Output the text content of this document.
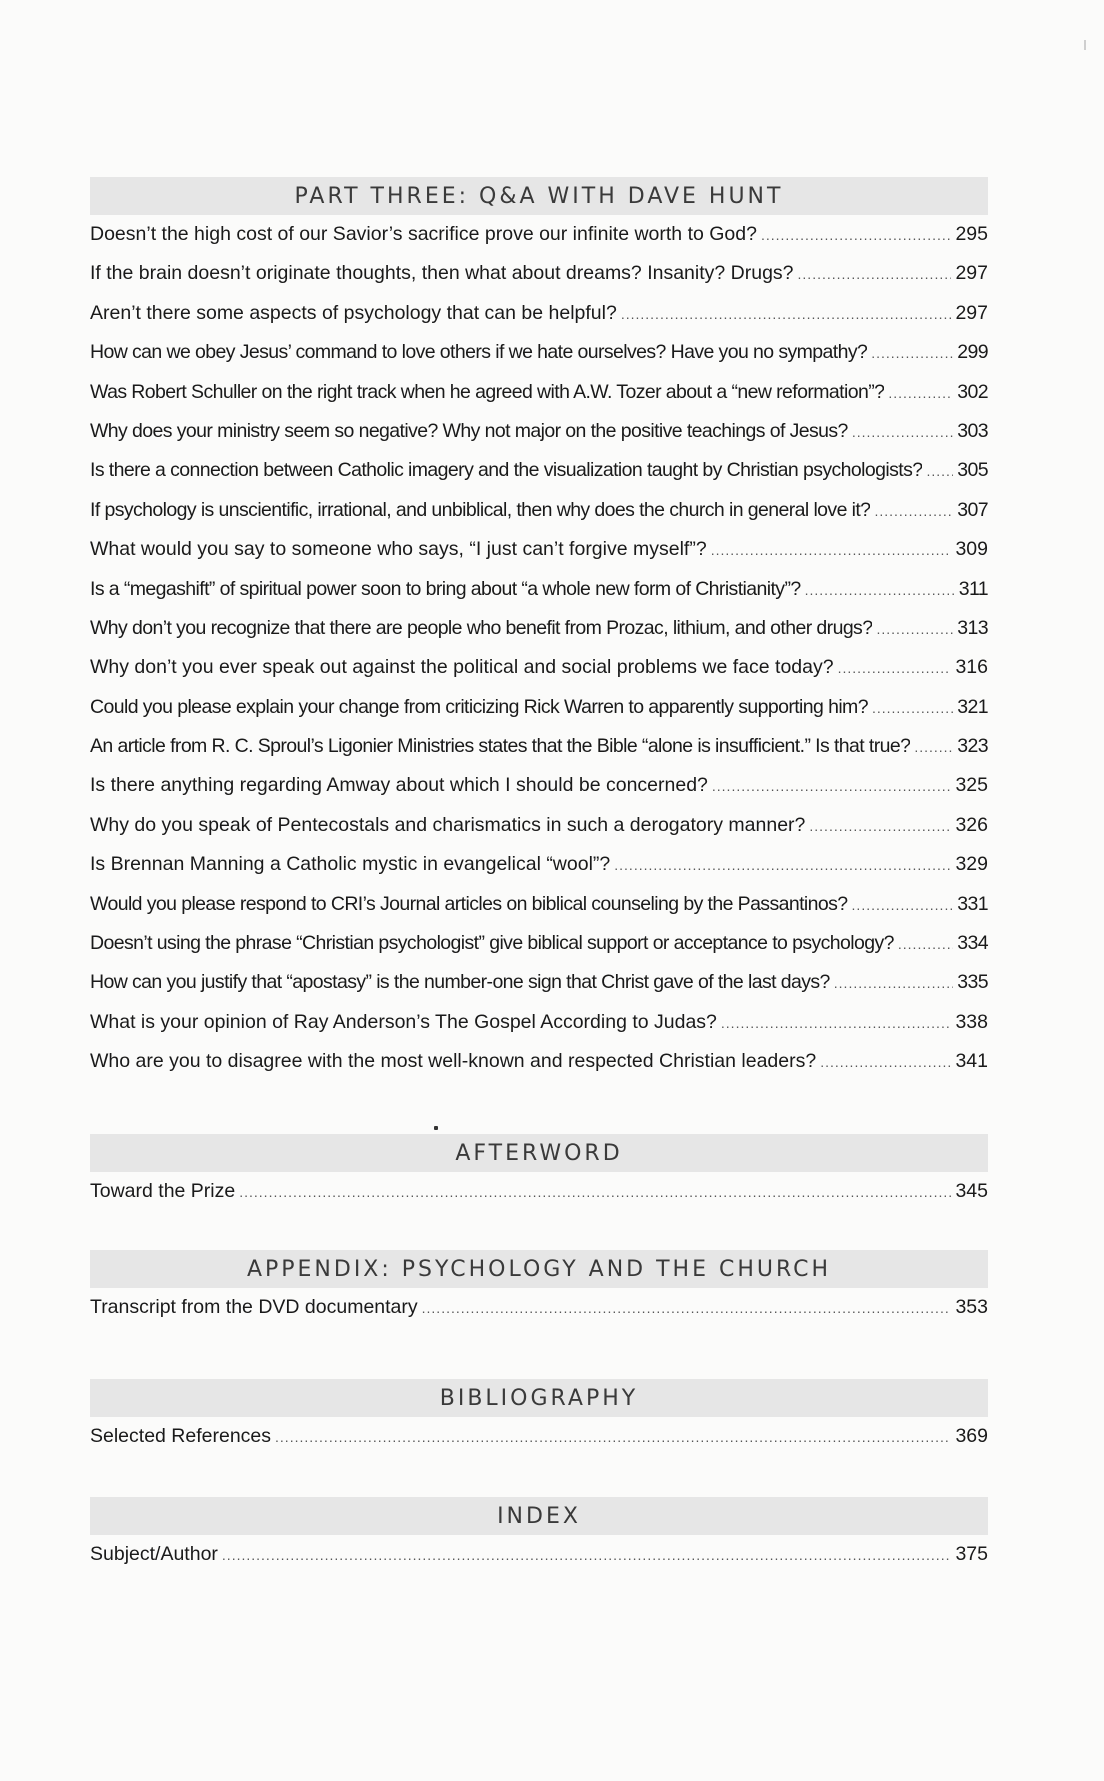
PART THREE: Q&A WITH DAVE HUNT
Doesn’t the high cost of our Savior’s sacrifice prove our infinite worth to God? .....	295
If the brain doesn’t originate thoughts, then what about dreams? Insanity? Drugs? .....	297
Aren’t there some aspects of psychology that can be helpful? .....	297
How can we obey Jesus’ command to love others if we hate ourselves? Have you no sympathy? .....	299
Was Robert Schuller on the right track when he agreed with A.W. Tozer about a “new reformation”? .....	302
Why does your ministry seem so negative? Why not major on the positive teachings of Jesus? .....	303
Is there a connection between Catholic imagery and the visualization taught by Christian psychologists? ..... 305
If psychology is unscientific, irrational, and unbiblical, then why does the church in general love it? .....	307
What would you say to someone who says, “I just can’t forgive myself”? .....	309
Is a “megashift” of spiritual power soon to bring about “a whole new form of Christianity”? .....	311
Why don’t you recognize that there are people who benefit from Prozac, lithium, and other drugs? .....	313
Why don’t you ever speak out against the political and social problems we face today? .....	316
Could you please explain your change from criticizing Rick Warren to apparently supporting him? .....	321
An article from R. C. Sproul’s Ligonier Ministries states that the Bible “alone is insufficient.” Is that true? ..... 323
Is there anything regarding Amway about which I should be concerned? .....	325
Why do you speak of Pentecostals and charismatics in such a derogatory manner? .....	326
Is Brennan Manning a Catholic mystic in evangelical “wool”? .....	329
Would you please respond to CRI’s Journal articles on biblical counseling by the Passantinos? .....	331
Doesn’t using the phrase “Christian psychologist” give biblical support or acceptance to psychology? .....	334
How can you justify that “apostasy” is the number-one sign that Christ gave of the last days? .....	335
What is your opinion of Ray Anderson’s The Gospel According to Judas? .....	338
Who are you to disagree with the most well-known and respected Christian leaders? .....	341
AFTERWORD
Toward the Prize .....	345
APPENDIX: PSYCHOLOGY AND THE CHURCH
Transcript from the DVD documentary .....	353
BIBLIOGRAPHY
Selected References .....	369
INDEX
Subject/Author .....	375
